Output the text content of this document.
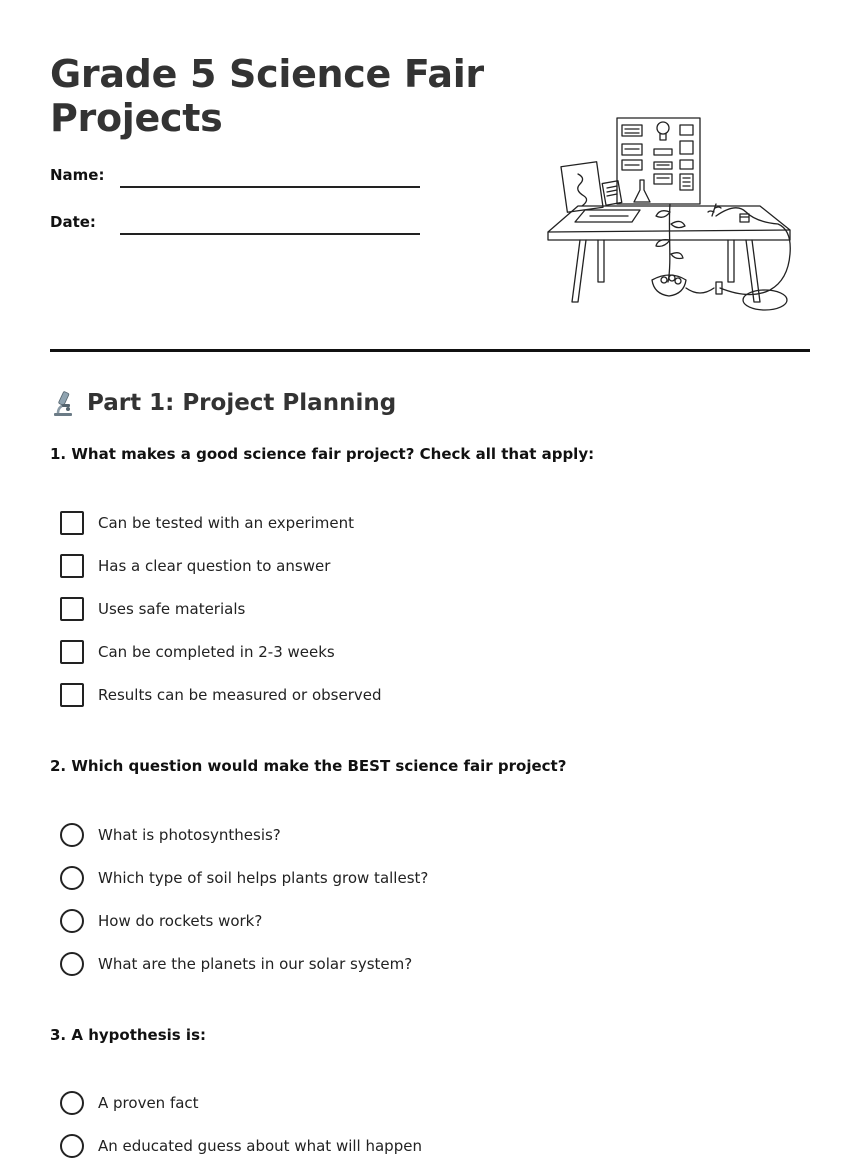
Grade 5 Science Fair Projects
Name:
Date:
Part 1: Project Planning
1. What makes a good science fair project? Check all that apply:
Can be tested with an experiment
Has a clear question to answer
Uses safe materials
Can be completed in 2-3 weeks
Results can be measured or observed
2. Which question would make the BEST science fair project?
What is photosynthesis?
Which type of soil helps plants grow tallest?
How do rockets work?
What are the planets in our solar system?
3. A hypothesis is:
A proven fact
An educated guess about what will happen
